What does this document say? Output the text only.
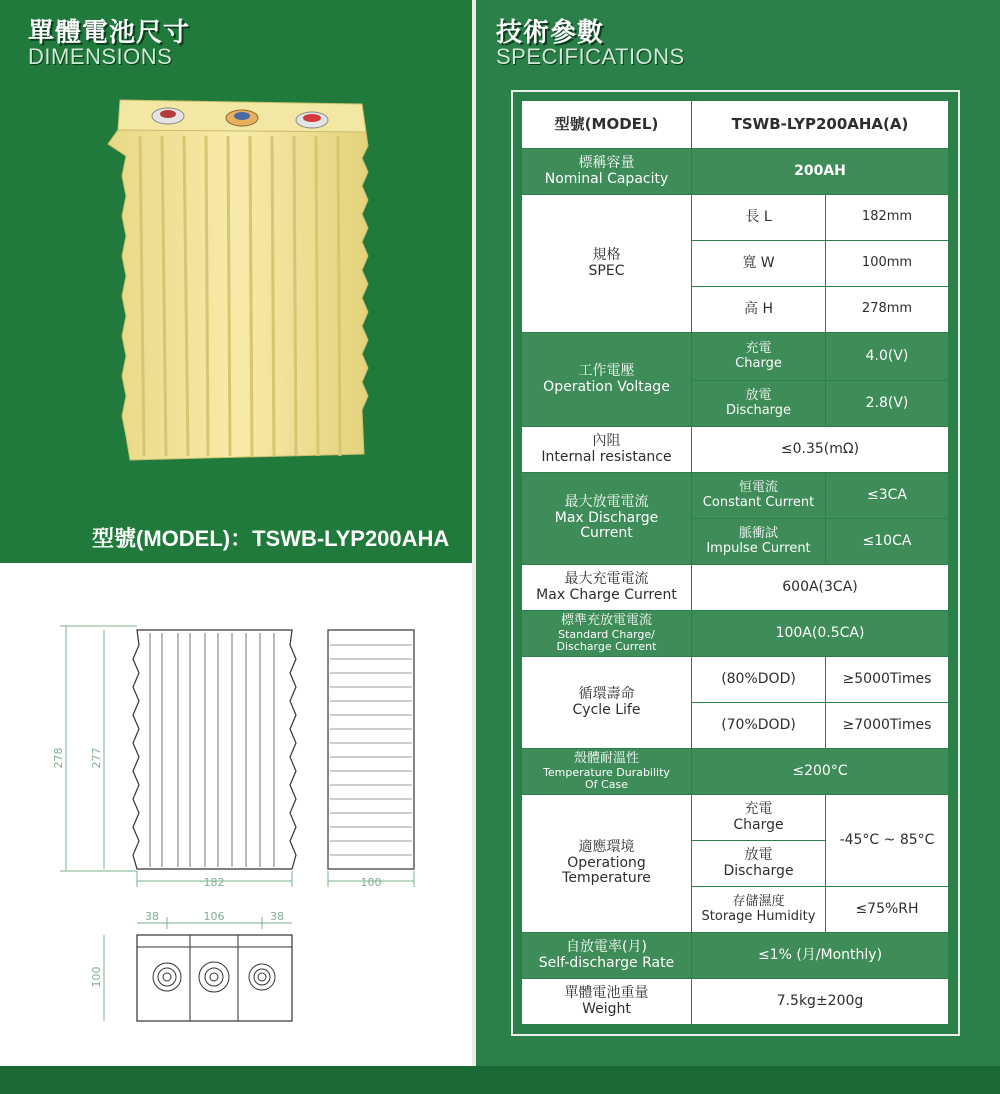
單體電池尺寸
DIMENSIONS
型號(MODEL)：TSWB-LYP200AHA
278 277
182	100
38	106	38
100
技術參數
SPECIFICATIONS
型號(MODEL)	TSWB-LYP200AHA(A)	

標稱容量
Nominal Capacity	200AH	

規格
SPEC	長 L	182mm
	寬 W	100mm
	高 H	278mm

工作電壓
Operation Voltage	充電
Charge	4.0(V)

	放電
Discharge	2.8(V)

內阻
Internal resistance	≤0.35(mΩ)	

最大放電電流
Max Discharge
Current	恒電流
Constant Current	≤3CA

	脈衝試
Impulse Current	≤10CA

最大充電電流
Max Charge Current	600A(3CA)	

標準充放電電流
Standard Charge/
Discharge Current	100A(0.5CA)	

循環壽命
Cycle Life	(80%DOD)	≥5000Times
	(70%DOD)	≥7000Times

殼體耐溫性
Temperature Durability
Of Case	≤200°C	

適應環境
Operationg
Temperature	充電
Charge	-45°C ~ 85°C

	放電
Discharge	

	存儲濕度
Storage Humidity	≤75%RH

自放電率(月)
Self-discharge Rate	≤1% (月/Monthly)	

單體電池重量
Weight	7.5kg±200g	
